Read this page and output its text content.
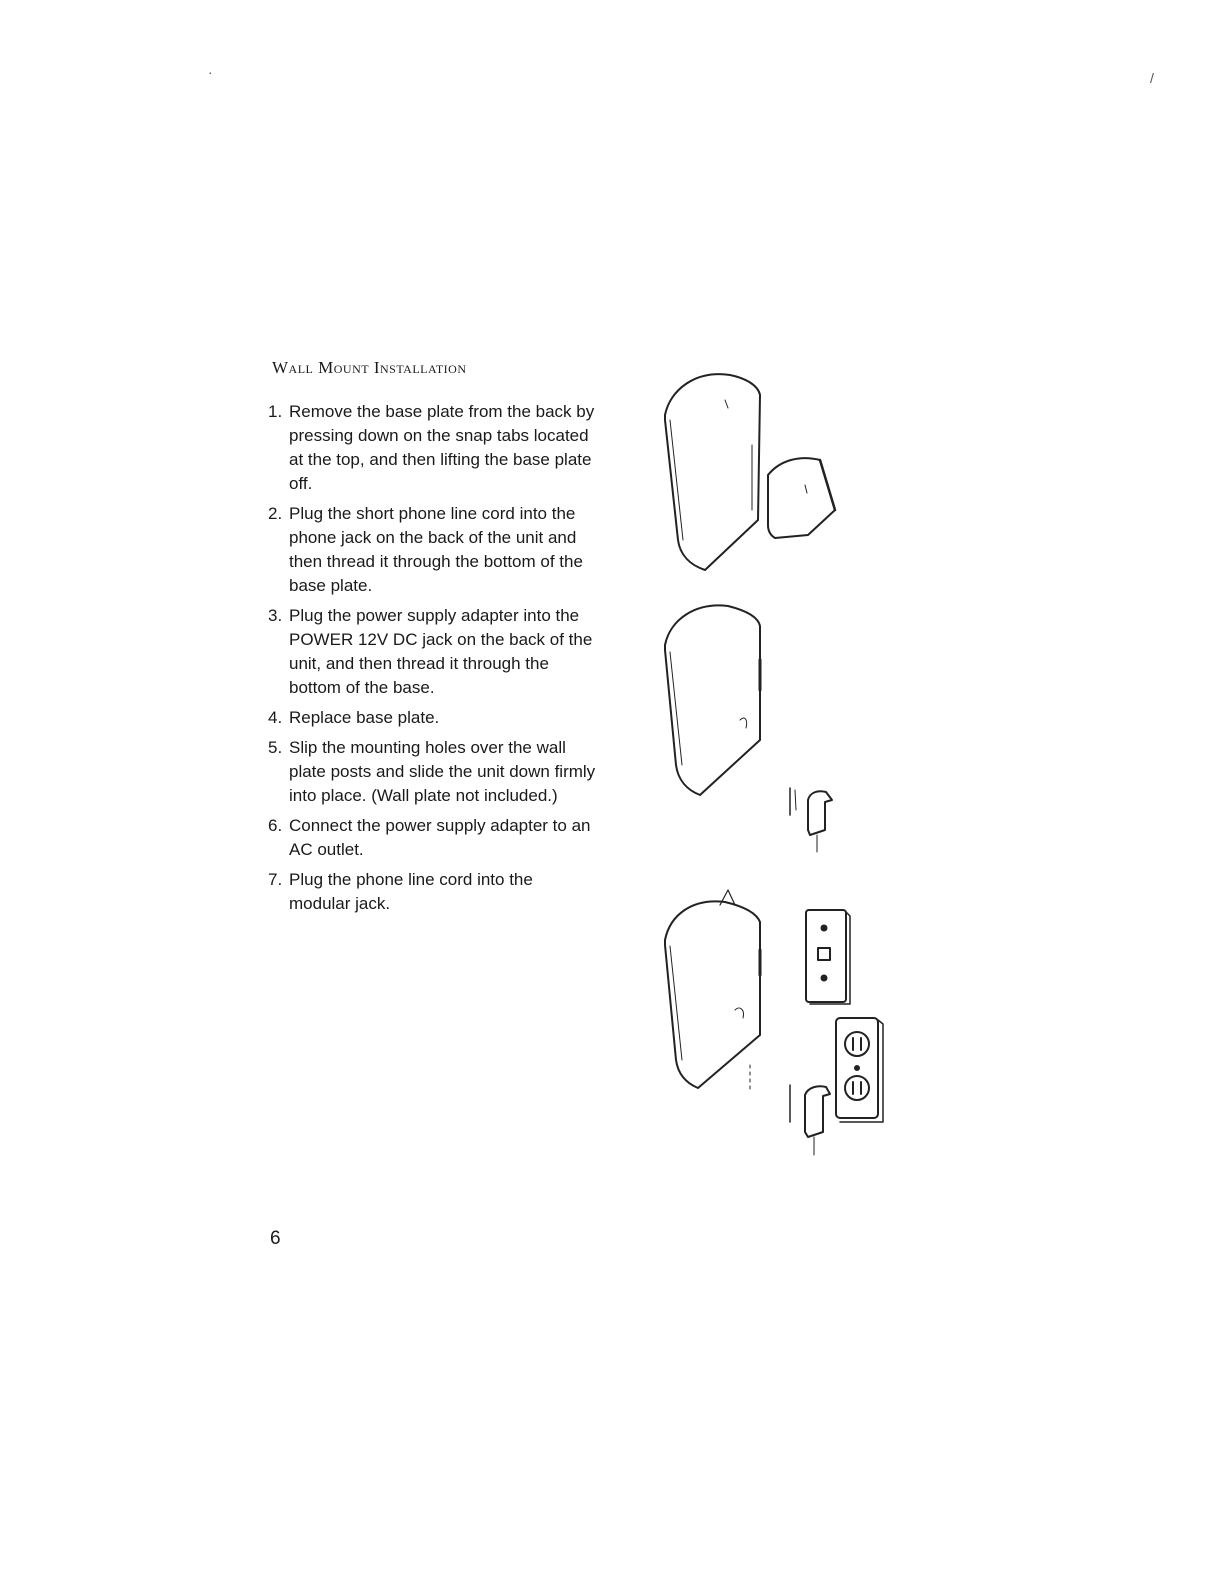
·	/
Wall Mount Installation
1. Remove the base plate from the back by pressing down on the snap tabs located at the top, and then lifting the base plate off.
2. Plug the short phone line cord into the phone jack on the back of the unit and then thread it through the bottom of the base plate.
3. Plug the power supply adapter into the POWER 12V DC jack on the back of the unit, and then thread it through the bottom of the base.
4. Replace base plate.
5. Slip the mounting holes over the wall plate posts and slide the unit down firmly into place. (Wall plate not included.)
6. Connect the power supply adapter to an AC outlet.
7. Plug the phone line cord into the modular jack.
6
